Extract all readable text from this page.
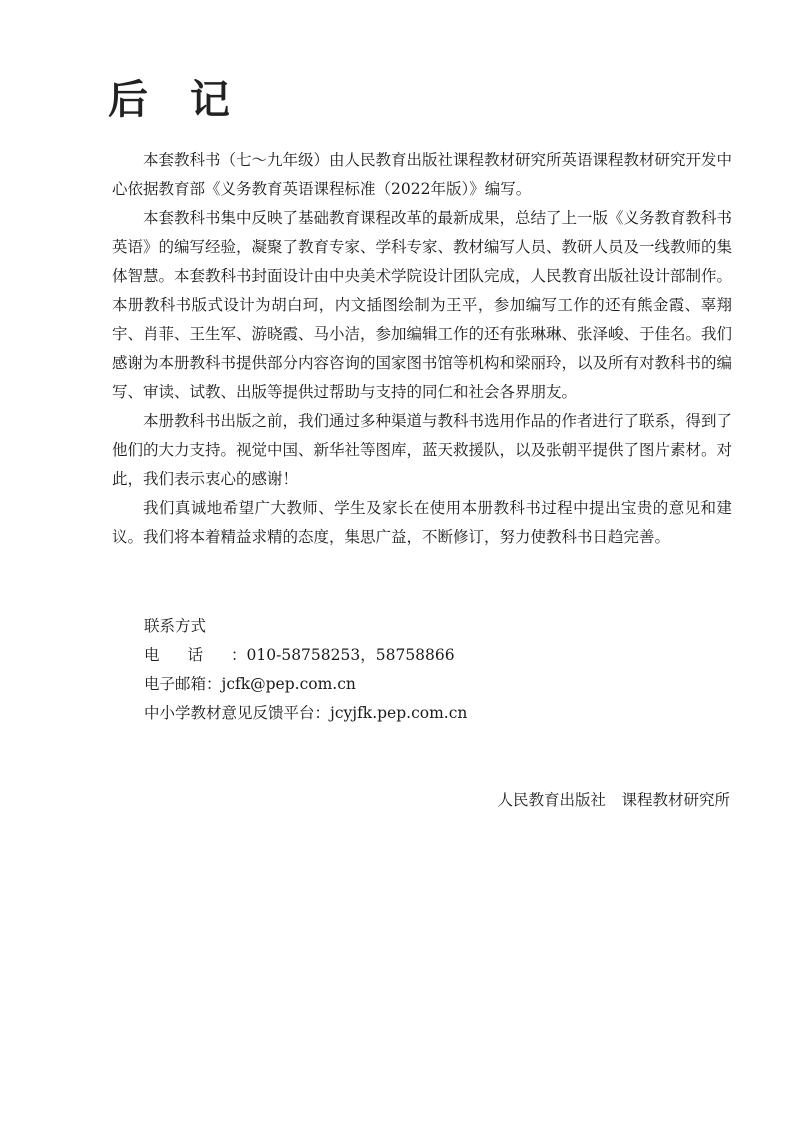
后 记

本套教科书（七～九年级）由人民教育出版社课程教材研究所英语课程教材研究开发中心依据教育部《义务教育英语课程标准（2022年版）》编写。

本套教科书集中反映了基础教育课程改革的最新成果，总结了上一版《义务教育教科书 英语》的编写经验，凝聚了教育专家、学科专家、教材编写人员、教研人员及一线教师的集体智慧。本套教科书封面设计由中央美术学院设计团队完成，人民教育出版社设计部制作。本册教科书版式设计为胡白珂，内文插图绘制为王平，参加编写工作的还有熊金霞、辜翔宇、肖菲、王生军、游晓霞、马小洁，参加编辑工作的还有张琳琳、张泽峻、于佳名。我们感谢为本册教科书提供部分内容咨询的国家图书馆等机构和梁丽玲，以及所有对教科书的编写、审读、试教、出版等提供过帮助与支持的同仁和社会各界朋友。

本册教科书出版之前，我们通过多种渠道与教科书选用作品的作者进行了联系，得到了他们的大力支持。视觉中国、新华社等图库，蓝天救援队，以及张朝平提供了图片素材。对此，我们表示衷心的感谢！

我们真诚地希望广大教师、学生及家长在使用本册教科书过程中提出宝贵的意见和建议。我们将本着精益求精的态度，集思广益，不断修订，努力使教科书日趋完善。

联系方式
电话：010-58758253，58758866
电子邮箱：jcfk@pep.com.cn
中小学教材意见反馈平台：jcyjfk.pep.com.cn
人民教育出版社　课程教材研究所
